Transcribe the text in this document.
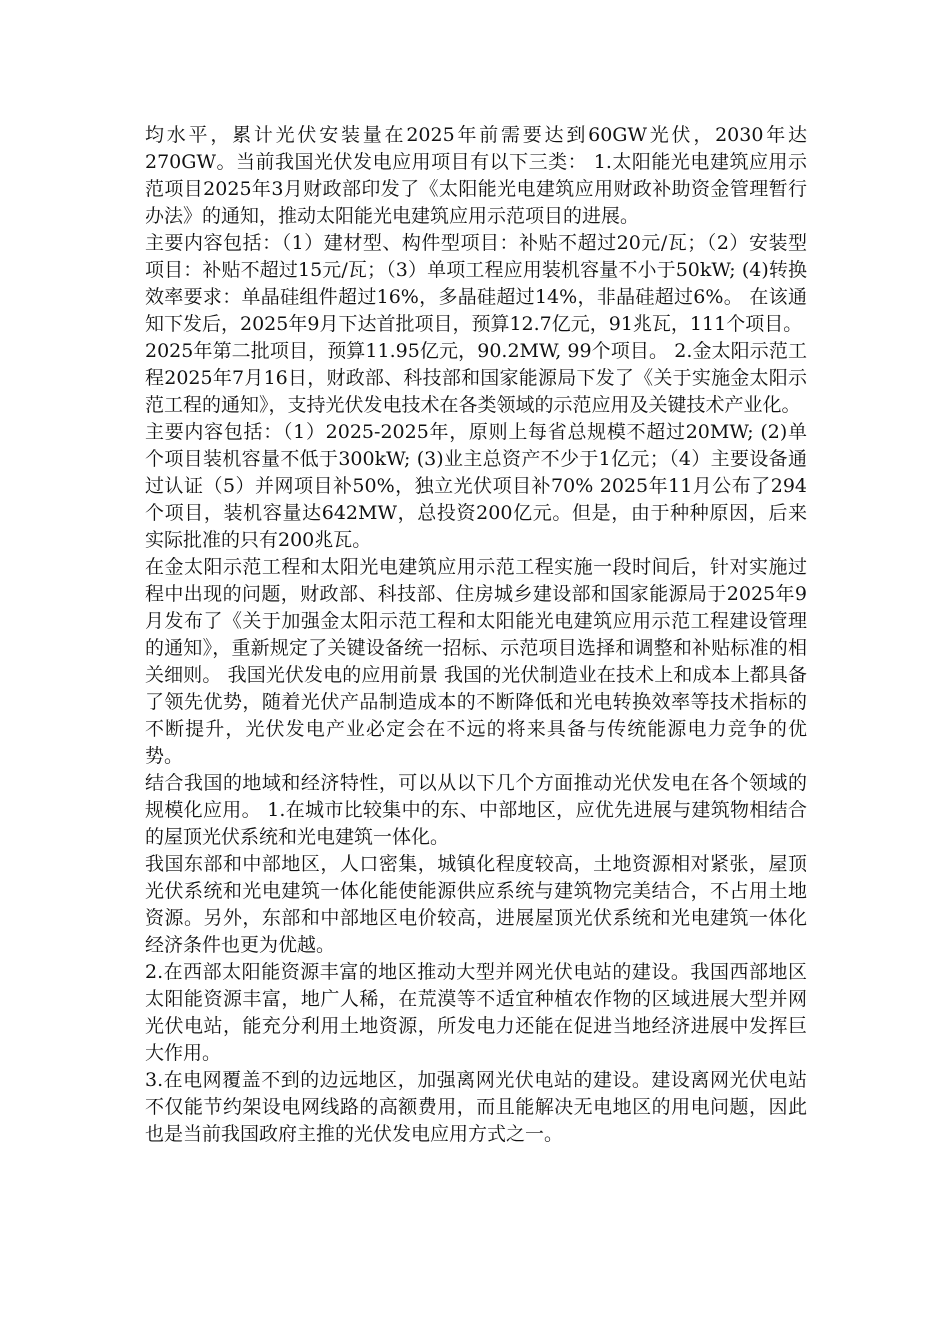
均水平，累计光伏安装量在2025年前需要达到60GW光伏，2030年达270GW。当前我国光伏发电应用项目有以下三类： 1.太阳能光电建筑应用示范项目2025年3月财政部印发了《太阳能光电建筑应用财政补助资金管理暂行办法》的通知，推动太阳能光电建筑应用示范项目的进展。

主要内容包括：（1）建材型、构件型项目：补贴不超过20元/瓦；（2）安装型项目：补贴不超过15元/瓦；（3）单项工程应用装机容量不小于50kW; (4)转换效率要求：单晶硅组件超过16%，多晶硅超过14%，非晶硅超过6%。 在该通知下发后，2025年9月下达首批项目，预算12.7亿元，91兆瓦，111个项目。

2025年第二批项目，预算11.95亿元，90.2MW, 99个项目。 2.金太阳示范工程2025年7月16日，财政部、科技部和国家能源局下发了《关于实施金太阳示范工程的通知》，支持光伏发电技术在各类领域的示范应用及关键技术产业化。

主要内容包括：（1）2025-2025年，原则上每省总规模不超过20MW; (2)单个项目装机容量不低于300kW; (3)业主总资产不少于1亿元；（4）主要设备通过认证（5）并网项目补50%，独立光伏项目补70% 2025年11月公布了294个项目，装机容量达642MW，总投资200亿元。但是，由于种种原因，后来实际批准的只有200兆瓦。

在金太阳示范工程和太阳光电建筑应用示范工程实施一段时间后，针对实施过程中出现的问题，财政部、科技部、住房城乡建设部和国家能源局于2025年9月发布了《关于加强金太阳示范工程和太阳能光电建筑应用示范工程建设管理的通知》，重新规定了关键设备统一招标、示范项目选择和调整和补贴标准的相关细则。 我国光伏发电的应用前景 我国的光伏制造业在技术上和成本上都具备了领先优势，随着光伏产品制造成本的不断降低和光电转换效率等技术指标的不断提升，光伏发电产业必定会在不远的将来具备与传统能源电力竞争的优势。

结合我国的地域和经济特性，可以从以下几个方面推动光伏发电在各个领域的规模化应用。 1.在城市比较集中的东、中部地区，应优先进展与建筑物相结合的屋顶光伏系统和光电建筑一体化。

我国东部和中部地区，人口密集，城镇化程度较高，土地资源相对紧张，屋顶光伏系统和光电建筑一体化能使能源供应系统与建筑物完美结合，不占用土地资源。另外，东部和中部地区电价较高，进展屋顶光伏系统和光电建筑一体化经济条件也更为优越。

2.在西部太阳能资源丰富的地区推动大型并网光伏电站的建设。我国西部地区太阳能资源丰富，地广人稀，在荒漠等不适宜种植农作物的区域进展大型并网光伏电站，能充分利用土地资源，所发电力还能在促进当地经济进展中发挥巨大作用。

3.在电网覆盖不到的边远地区，加强离网光伏电站的建设。建设离网光伏电站不仅能节约架设电网线路的高额费用，而且能解决无电地区的用电问题，因此也是当前我国政府主推的光伏发电应用方式之一。
